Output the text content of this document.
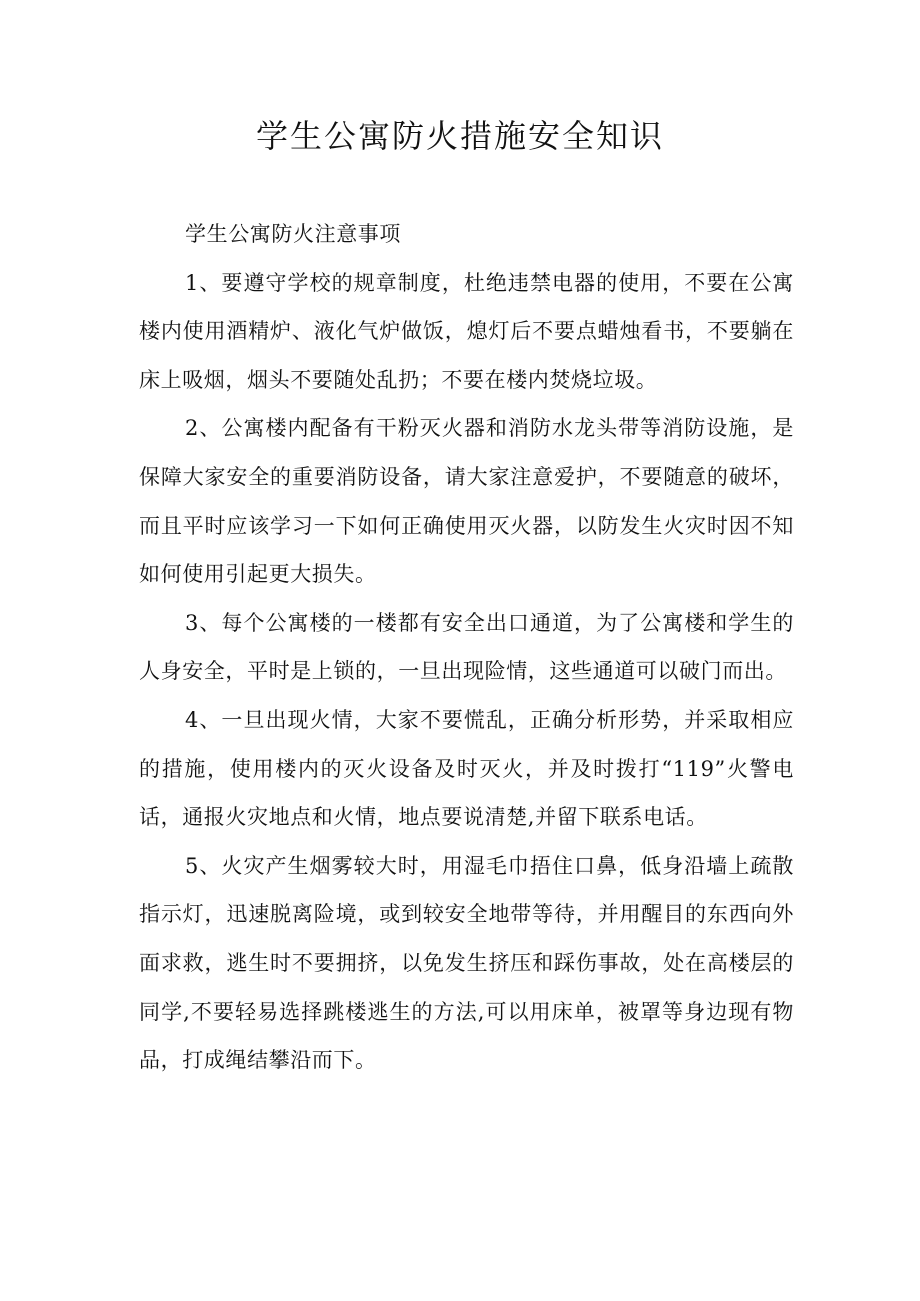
学生公寓防火措施安全知识

学生公寓防火注意事项

1、要遵守学校的规章制度，杜绝违禁电器的使用，不要在公寓楼内使用酒精炉、液化气炉做饭，熄灯后不要点蜡烛看书，不要躺在床上吸烟，烟头不要随处乱扔；不要在楼内焚烧垃圾。

2、公寓楼内配备有干粉灭火器和消防水龙头带等消防设施，是保障大家安全的重要消防设备，请大家注意爱护，不要随意的破坏，而且平时应该学习一下如何正确使用灭火器，以防发生火灾时因不知如何使用引起更大损失。

3、每个公寓楼的一楼都有安全出口通道，为了公寓楼和学生的人身安全，平时是上锁的，一旦出现险情，这些通道可以破门而出。

4、一旦出现火情，大家不要慌乱，正确分析形势，并采取相应的措施，使用楼内的灭火设备及时灭火，并及时拨打“119”火警电话，通报火灾地点和火情，地点要说清楚,并留下联系电话。

5、火灾产生烟雾较大时，用湿毛巾捂住口鼻，低身沿墙上疏散指示灯，迅速脱离险境，或到较安全地带等待，并用醒目的东西向外面求救，逃生时不要拥挤，以免发生挤压和踩伤事故，处在高楼层的同学,不要轻易选择跳楼逃生的方法,可以用床单，被罩等身边现有物品，打成绳结攀沿而下。
